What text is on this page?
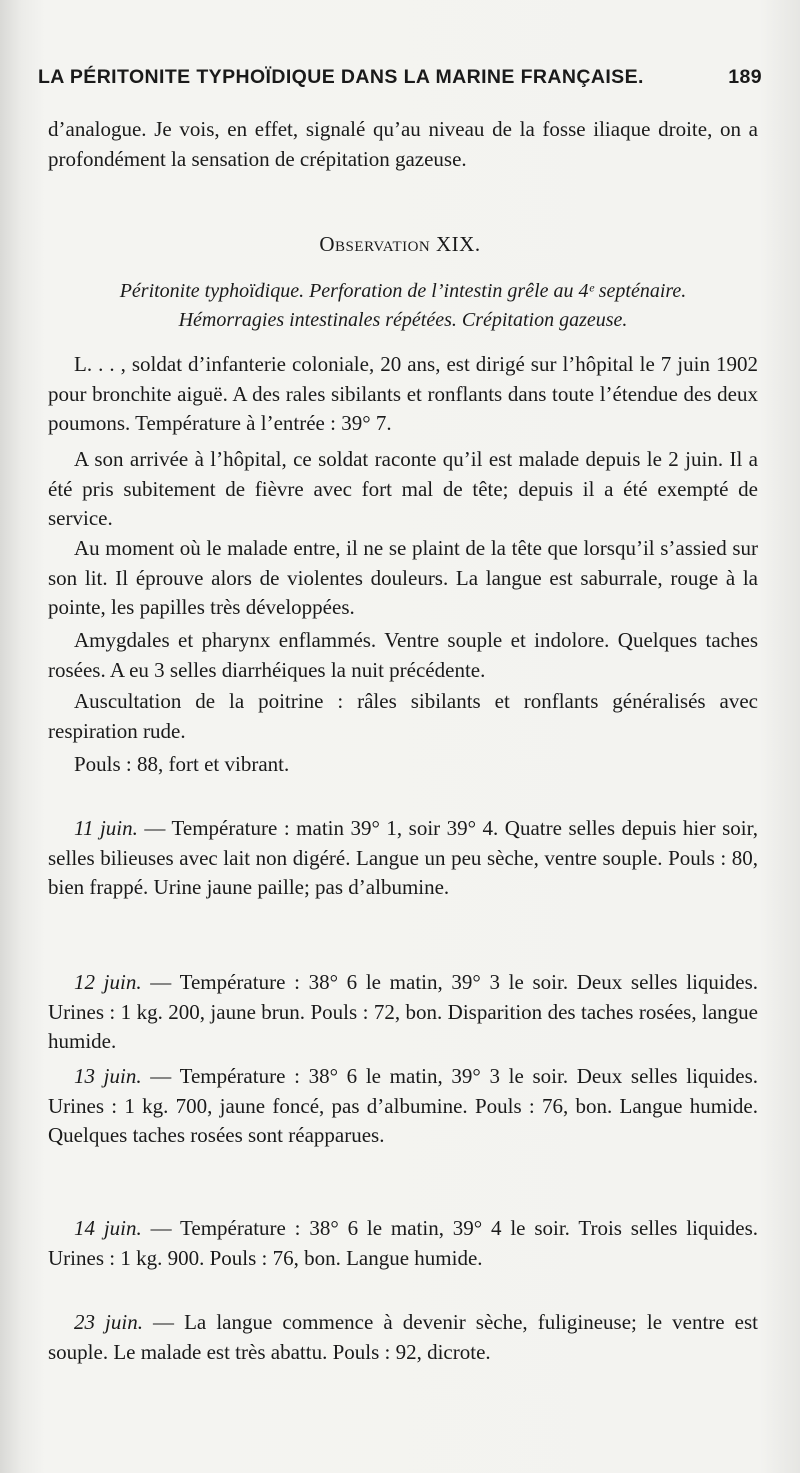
LA PÉRITONITE TYPHOÏDIQUE DANS LA MARINE FRANÇAISE.	189

d’analogue. Je vois, en effet, signalé qu’au niveau de la fosse iliaque droite, on a profondément la sensation de crépitation gazeuse.

Observation XIX.
Péritonite typhoïdique. Perforation de l’intestin grêle au 4ᵉ septénaire.
Hémorragies intestinales répétées. Crépitation gazeuse.

L. . . , soldat d’infanterie coloniale, 20 ans, est dirigé sur l’hôpital le 7 juin 1902 pour bronchite aiguë. A des rales sibilants et ronflants dans toute l’étendue des deux poumons. Température à l’entrée : 39° 7.

A son arrivée à l’hôpital, ce soldat raconte qu’il est malade depuis le 2 juin. Il a été pris subitement de fièvre avec fort mal de tête; depuis il a été exempté de service.

Au moment où le malade entre, il ne se plaint de la tête que lorsqu’il s’assied sur son lit. Il éprouve alors de violentes douleurs. La langue est saburrale, rouge à la pointe, les papilles très développées.

Amygdales et pharynx enflammés. Ventre souple et indolore. Quelques taches rosées. A eu 3 selles diarrhéiques la nuit précédente.

Auscultation de la poitrine : râles sibilants et ronflants généralisés avec respiration rude.

Pouls : 88, fort et vibrant.

11 juin. — Température : matin 39° 1, soir 39° 4. Quatre selles depuis hier soir, selles bilieuses avec lait non digéré. Langue un peu sèche, ventre souple. Pouls : 80, bien frappé. Urine jaune paille; pas d’albumine.

12 juin. — Température : 38° 6 le matin, 39° 3 le soir. Deux selles liquides. Urines : 1 kg. 200, jaune brun. Pouls : 72, bon. Disparition des taches rosées, langue humide.

13 juin. — Température : 38° 6 le matin, 39° 3 le soir. Deux selles liquides. Urines : 1 kg. 700, jaune foncé, pas d’albumine. Pouls : 76, bon. Langue humide. Quelques taches rosées sont réapparues.

14 juin. — Température : 38° 6 le matin, 39° 4 le soir. Trois selles liquides. Urines : 1 kg. 900. Pouls : 76, bon. Langue humide.

23 juin. — La langue commence à devenir sèche, fuligineuse; le ventre est souple. Le malade est très abattu. Pouls : 92, dicrote.
